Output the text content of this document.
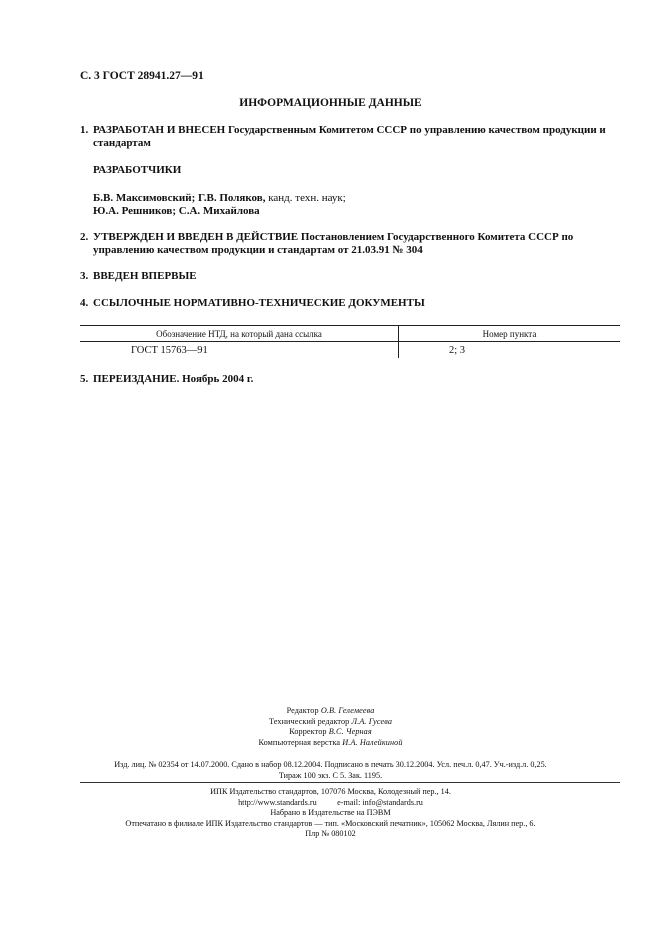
С. 3 ГОСТ 28941.27—91
ИНФОРМАЦИОННЫЕ ДАННЫЕ
1. РАЗРАБОТАН И ВНЕСЕН Государственным Комитетом СССР по управлению качеством продукции и стандартам
РАЗРАБОТЧИКИ
Б.В. Максимовский; Г.В. Поляков, канд. техн. наук;
Ю.А. Решников; С.А. Михайлова
2. УТВЕРЖДЕН И ВВЕДЕН В ДЕЙСТВИЕ Постановлением Государственного Комитета СССР по управлению качеством продукции и стандартам от 21.03.91 № 304
3. ВВЕДЕН ВПЕРВЫЕ
4. ССЫЛОЧНЫЕ НОРМАТИВНО-ТЕХНИЧЕСКИЕ ДОКУМЕНТЫ
Обозначение НТД, на который дана ссылка	Номер пункта
ГОСТ 15763—91	2; 3
5. ПЕРЕИЗДАНИЕ. Ноябрь 2004 г.
Редактор О.В. Гелемеева
Технический редактор Л.А. Гусева
Корректор В.С. Черная
Компьютерная верстка И.А. Налейкиной
Изд. лиц. № 02354 от 14.07.2000. Сдано в набор 08.12.2004. Подписано в печать 30.12.2004. Усл. печ.л. 0,47. Уч.-изд.л. 0,25.
Тираж 100 экз. С 5. Зак. 1195.
ИПК Издательство стандартов, 107076 Москва, Колодезный пер., 14.
http://www.standards.ru          e-mail: info@standards.ru
Набрано в Издательстве на ПЭВМ
Отпечатано в филиале ИПК Издательство стандартов — тип. «Московский печатник», 105062 Москва, Лялин пер., 6.
Плр № 080102
